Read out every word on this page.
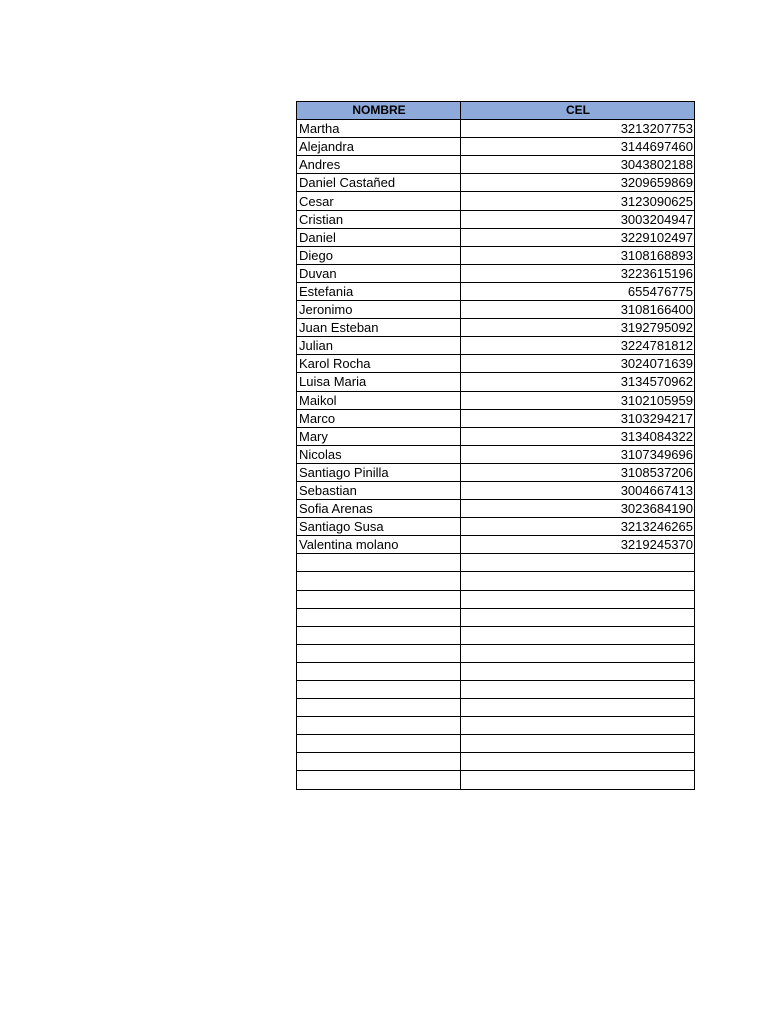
NOMBRE	CEL
Martha	3213207753
Alejandra	3144697460
Andres	3043802188
Daniel Castañed	3209659869
Cesar	3123090625
Cristian	3003204947
Daniel	3229102497
Diego	3108168893
Duvan	3223615196
Estefania	655476775
Jeronimo	3108166400
Juan Esteban	3192795092
Julian	3224781812
Karol Rocha	3024071639
Luisa Maria	3134570962
Maikol	3102105959
Marco	3103294217
Mary	3134084322
Nicolas	3107349696
Santiago Pinilla	3108537206
Sebastian	3004667413
Sofia Arenas	3023684190
Santiago Susa	3213246265
Valentina molano	3219245370
